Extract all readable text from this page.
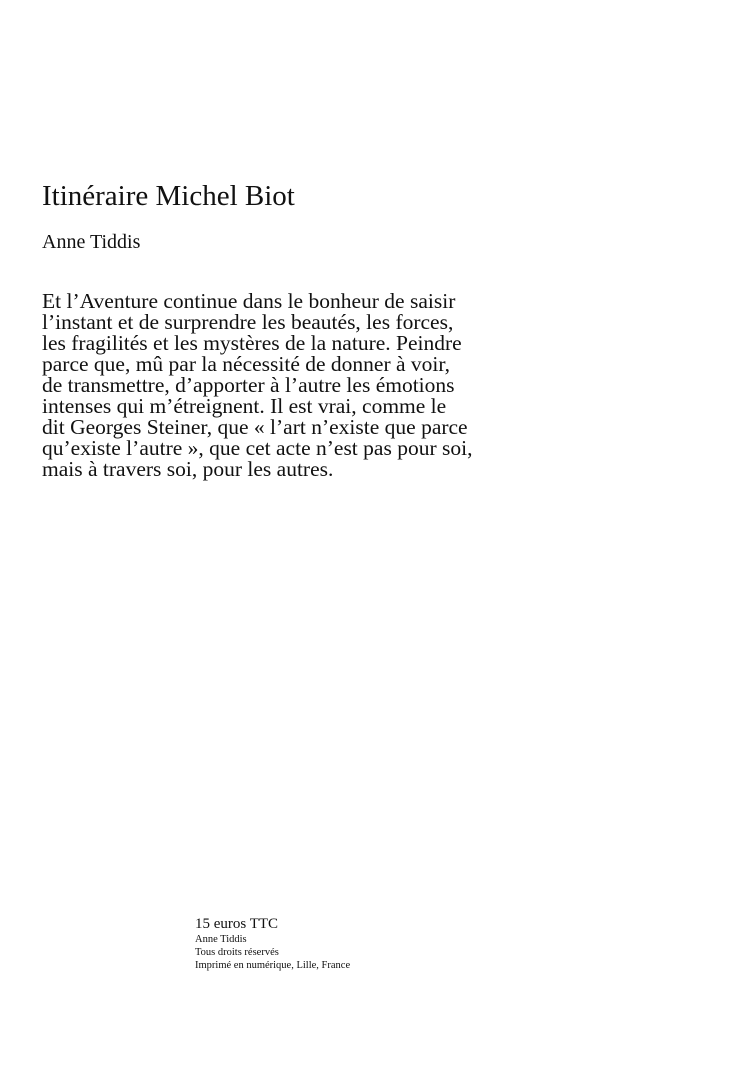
Itinéraire Michel Biot

Anne Tiddis

Et l’Aventure continue dans le bonheur de saisir
l’instant et de surprendre les beautés, les forces,
les fragilités et les mystères de la nature. Peindre
parce que, mû par la nécessité de donner à voir,
de transmettre, d’apporter à l’autre les émotions
intenses qui m’étreignent. Il est vrai, comme le
dit Georges Steiner, que « l’art n’existe que parce
qu’existe l’autre », que cet acte n’est pas pour soi,
mais à travers soi, pour les autres.

15 euros TTC
Anne Tiddis
Tous droits réservés
Imprimé en numérique, Lille, France
